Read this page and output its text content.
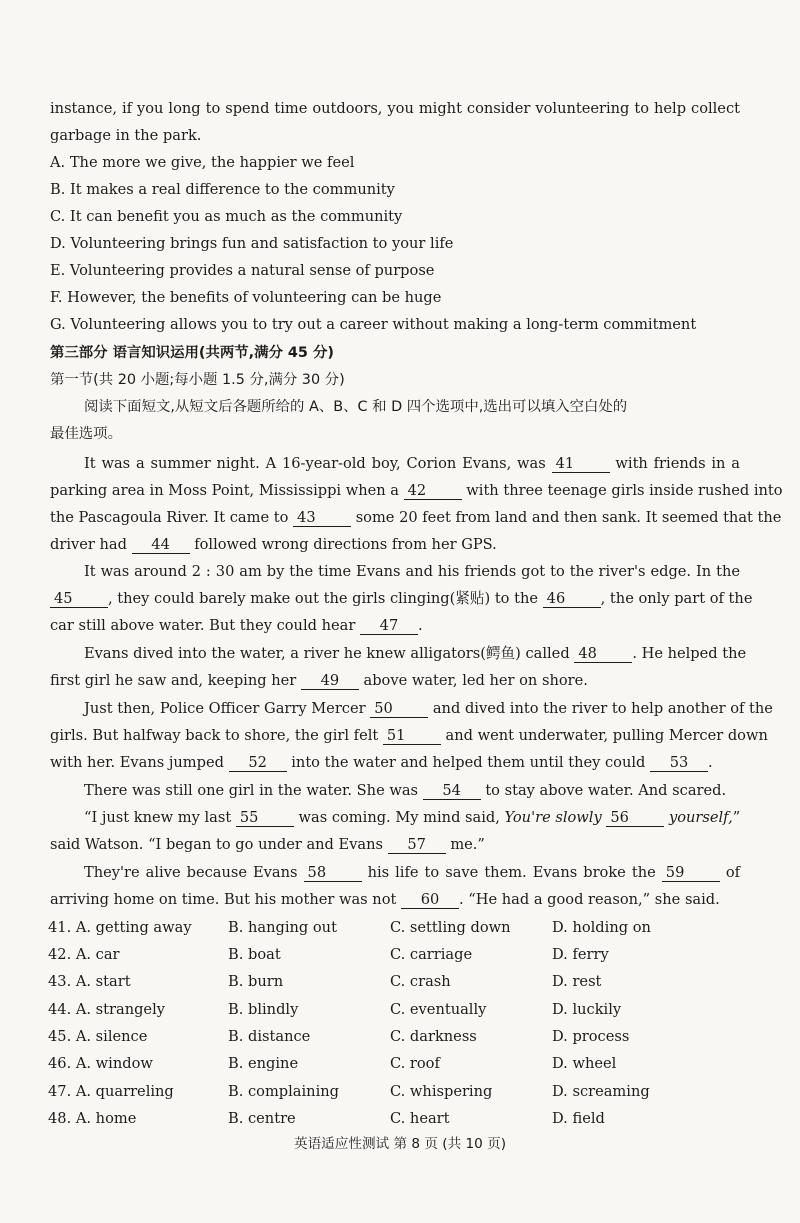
instance, if you long to spend time outdoors, you might consider volunteering to help collect
garbage in the park.
A. The more we give, the happier we feel
B. It makes a real difference to the community
C. It can benefit you as much as the community
D. Volunteering brings fun and satisfaction to your life
E. Volunteering provides a natural sense of purpose
F. However, the benefits of volunteering can be huge
G. Volunteering allows you to try out a career without making a long-term commitment
第三部分 语言知识运用(共两节,满分 45 分)
第一节(共 20 小题;每小题 1.5 分,满分 30 分)
阅读下面短文,从短文后各题所给的 A、B、C 和 D 四个选项中,选出可以填入空白处的
最佳选项。
It was a summer night. A 16-year-old boy, Corion Evans, was 41	with friends in a
parking area in Moss Point, Mississippi when a 42	with three teenage girls inside rushed into
the Pascagoula River. It came to 43	some 20 feet from land and then sank. It seemed that the
driver had 44 followed wrong directions from her GPS.
It was around 2 : 30 am by the time Evans and his friends got to the river's edge. In the
45 , they could barely make out the girls clinging(紧贴) to the 46 , the only part of the
car still above water. But they could hear 47 .
Evans dived into the water, a river he knew alligators(鳄鱼) called 48 . He helped the
first girl he saw and, keeping her 49 above water, led her on shore.
Just then, Police Officer Garry Mercer 50	and dived into the river to help another of the
girls. But halfway back to shore, the girl felt 51	and went underwater, pulling Mercer down
with her. Evans jumped 52 into the water and helped them until they could 53 .
There was still one girl in the water. She was 54 to stay above water. And scared.
“I just knew my last 55	was coming. My mind said, You're slowly 56	yourself,”
said Watson. “I began to go under and Evans 57 me.”
They're alive because Evans 58	his life to save them. Evans broke the 59	of
arriving home on time. But his mother was not 60 . “He had a good reason,” she said.
41. A. getting away B. hanging out	C. settling down	D. holding on
42. A. car	B. boat	C. carriage	D. ferry
43. A. start	B. burn	C. crash	D. rest
44. A. strangely	B. blindly	C. eventually	D. luckily
45. A. silence	B. distance	C. darkness	D. process
46. A. window	B. engine	C. roof	D. wheel
47. A. quarreling	B. complaining	C. whispering	D. screaming
48. A. home	B. centre	C. heart	D. field
英语适应性测试 第 8 页 (共 10 页)
